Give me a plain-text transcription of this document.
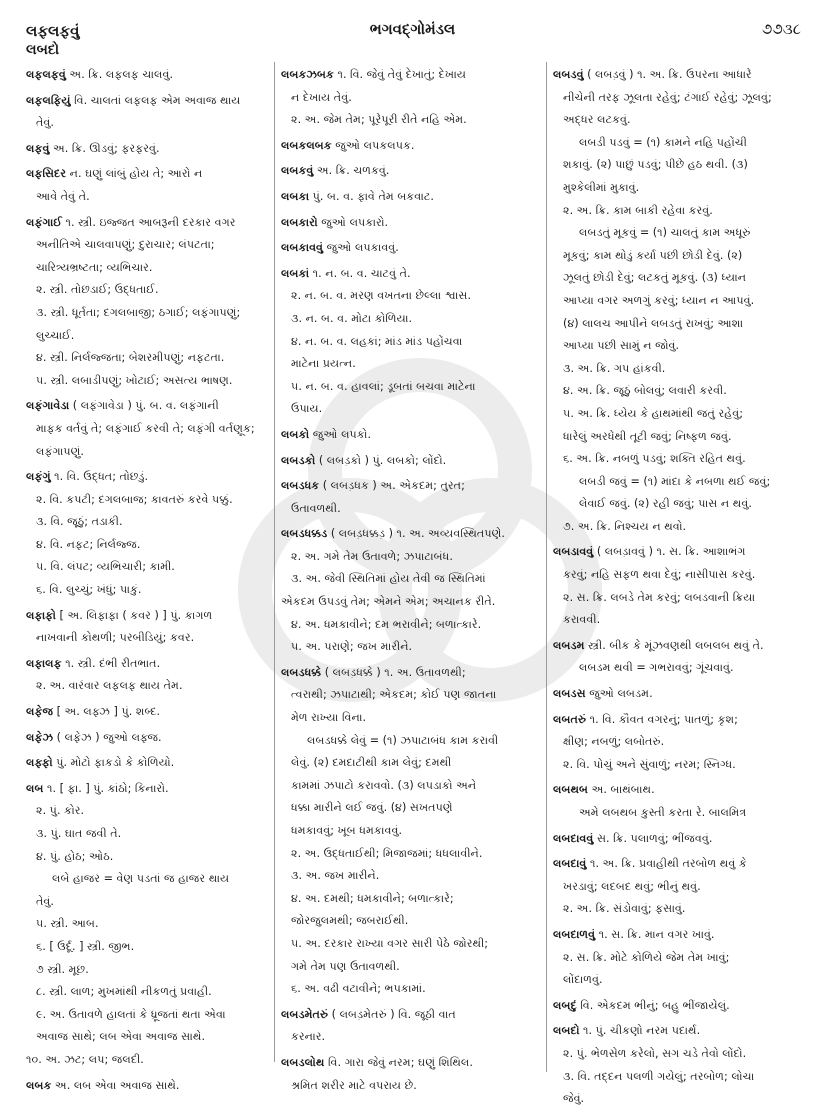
લફલફવું
લબદો
ભગવદ્ગોમંડલ	૭૭૩૮
લફલફવું અ. ક્રિ. લફલફ ચાલવું.
લફલફિયું વિ. ચાલતાં લફલફ એમ અવાજ થાય
તેવું.
લફવું અ. ક્રિ. ઊડવું; ફરફરવું.
લફસિદર ન. ઘણું લાંબું હોય તે; આરો ન
આવે તેવું તે.
લફંગાઈ ૧. સ્ત્રી. ઇજ્જત આબરૂની દરકાર વગર
અનીતિએ ચાલવાપણું; દુરાચાર; લંપટતા;
ચારિત્ર્યભ્રષ્ટતા; વ્યભિચાર.
૨. સ્ત્રી. તોછડાઈ; ઉદ્ધતાઈ.
૩. સ્ત્રી. ધૂર્તતા; દગલબાજી; ઠગાઈ; લફંગાપણું;
લુચ્ચાઈ.
૪. સ્ત્રી. નિર્લજ્જતા; બેશરમીપણું; નફટતા.
૫. સ્ત્રી. લબાડીપણું; ખોટાઈ; અસત્ય ભાષણ.
લફંગાવેડા ( લફંગાવેડા ) પું. બ. વ. લફંગાની
માફક વર્તવું તે; લફંગાઈ કરવી તે; લફંગી વર્તણૂક;
લફંગાપણું.
લફંગું ૧. વિ. ઉદ્ધત; તોછડું.
૨. વિ. કપટી; દગલબાજ; કાવતરું કરવે પક્કું.
૩. વિ. જૂઠું; તડાકી.
૪. વિ. નફટ; નિર્લજ્જ.
૫. વિ. લંપટ; વ્યભિચારી; કામી.
૬. વિ. લુચ્ચું; ખંધું; પાકું.
લફાફો [ અ. લિફાફા ( કવર ) ] પું. કાગળ
નાખવાની કોથળી; પરબીડિયું; કવર.
લફાલફ ૧. સ્ત્રી. દંભી રીતભાત.
૨. અ. વારંવાર લફલફ થાય તેમ.
લફેજ [ અ. લફ્ઝ ] પું. શબ્દ.
લફેઝ ( લફેઝ ) જુઓ લફ્જ.
લફ્ફો પું. મોટો ફાકડો કે કોળિયો.
લબ ૧. [ ફા. ] પું. કાંઠો; કિનારો.
૨. પું. કોર.
૩. પું. ઘાત જવી તે.
૪. પું. હોઠ; ઓઠ.
લબે હાજર = વેણ પડતાં જ હાજર થાય
તેવું.
૫. સ્ત્રી. આબ.
૬. [ ઉર્દૂ. ] સ્ત્રી. જીભ.
૭ સ્ત્રી. મૂછ.
૮. સ્ત્રી. લાળ; મુખમાંથી નીકળતું પ્રવાહી.
૯. અ. ઉતાવળે હાલતાં કે ધ્રૂજતાં થતા એવા
અવાજ સાથે; લબ એવા અવાજ સાથે.
૧૦. અ. ઝટ; લપ; જલદી.
લબક અ. લબ એવા અવાજ સાથે.
લબકઝબક ૧. વિ. જેવું તેવું દેખાતું; દેખાય
ન દેખાય તેવું.
૨. અ. જેમ તેમ; પૂરેપૂરી રીતે નહિ એમ.
લબકલબક જુઓ લપકલપક.
લબકવું અ. ક્રિ. ચળકવું.
લબકા પું. બ. વ. ફાવે તેમ બકવાટ.
લબકારો જુઓ લપકારો.
લબકાવવું જુઓ લપકાવવું.
લબકાં ૧. ન. બ. વ. ચાટવું તે.
૨. ન. બ. વ. મરણ વખતના છેલ્લા શ્વાસ.
૩. ન. બ. વ. મોટા કોળિયા.
૪. ન. બ. વ. લહકાં; માંડ માંડ પહોંચવા
માટેના પ્રયત્ન.
૫. ન. બ. વ. હાવલાં; ડૂબતાં બચવા માટેના
ઉપાય.
લબકો જુઓ લપકો.
લબડકો ( લબડ઼કો ) પું. લબકો; લોંદો.
લબડધક ( લબડ઼ધક ) અ. એકદમ; તુરત;
ઉતાવળથી.
લબડધક્કડ ( લબડ઼ધક્કડ઼ ) ૧. અ. અવ્યવસ્થિતપણે.
૨. અ. ગમે તેમ ઉતાવળે; ઝપાટાબંધ.
૩. અ. જેવી સ્થિતિમાં હોય તેવી જ સ્થિતિમાં
એકદમ ઉપડવું તેમ; એમને એમ; અચાનક રીતે.
૪. અ. ધમકાવીને; દમ ભરાવીને; બળાત્કારે.
૫. અ. પરાણે; જખ મારીને.
લબડધક્કે ( લબડ઼ધક્કે ) ૧. અ. ઉતાવળથી;
ત્વરાથી; ઝપાટાથી; એકદમ; કોઈ પણ જાતના
મેળ રાખ્યા વિના.
લબડધક્કે લેવું = (૧) ઝપાટાબંધ કામ કરાવી
લેવું. (૨) દમદાટીથી કામ લેવું; દમથી
કામમાં ઝપાટો કરાવવો. (૩) લપડાકો અને
ધક્કા મારીને લઈ જવું. (૪) સખતપણે
ધમકાવવું; ખૂબ ધમકાવવું.
૨. અ. ઉદ્ધતાઈથી; મિજાજમાં; ધધલાવીને.
૩. અ. જખ મારીને.
૪. અ. દમથી; ધમકાવીને; બળાત્કારે;
જોરજુલમથી; જબરાઈથી.
૫. અ. દરકાર રાખ્યા વગર સારી પેઠે જોરથી;
ગમે તેમ પણ ઉતાવળથી.
૬. અ. વઢી વટાવીને; ભપકામાં.
લબડમેતરું ( લબડ઼મેતરું ) વિ. જૂઠી વાત
કરનાર.
લબડલોથ વિ. ગારા જેવું નરમ; ઘણું શિથિલ.
શ્રમિત શરીર માટે વપરાય છે.
લબડવું ( લબડ઼વું ) ૧. અ. ક્રિ. ઉપરના આધારે
નીચેની તરફ ઝૂલતા રહેવું; ટંગાઈ રહેવું; ઝૂલવું;
અદ્ધર લટકવું.
લબડી પડવું = (૧) કામને નહિ પહોંચી
શકાવું. (૨) પાછું પડવું; પીછે હઠ થવી. (૩)
મુશ્કેલીમાં મુકાવું.
૨. અ. ક્રિ. કામ બાકી રહેવા કરવું.
લબડતું મૂકવું = (૧) ચાલતું કામ અધૂરું
મૂકવું; કામ થોડું કર્યા પછી છોડી દેવું. (૨)
ઝૂલતું છોડી દેવું; લટકતું મૂકવું. (૩) ધ્યાન
આપ્યા વગર અળગું કરવું; ધ્યાન ન આપવું.
(૪) લાલચ આપીને લબડતું રાખવું; આશા
આપ્યા પછી સામું ન જોવું.
૩. અ. ક્રિ. ગપ હાંકવી.
૪. અ. ક્રિ. જૂઠું બોલવું; લવારી કરવી.
૫. અ. ક્રિ. ધ્યેય કે હાથમાંથી જતું રહેવું;
ધારેલું અરધેથી તૂટી જવું; નિષ્ફળ જવું.
૬. અ. ક્રિ. નબળું પડવું; શક્તિ રહિત થવું.
લબડી જવું = (૧) માંદા કે નબળા થઈ જવું;
લેવાઈ જવું. (૨) રહી જવું; પાસ ન થવું.
૭. અ. ક્રિ. નિશ્ચય ન થવો.
લબડાવવું ( લબડ઼ાવવું ) ૧. સ. ક્રિ. આશાભંગ
કરવું; નહિ સફળ થવા દેવું; નાસીપાસ કરવું.
૨. સ. ક્રિ. લબડે તેમ કરવું; લબડવાની ક્રિયા
કરાવવી.
લબડમ સ્ત્રી. બીક કે મૂંઝવણથી લબલબ થવું તે.
લબડમ થવી = ગભરાવવું; ગૂંચવાવું.
લબડસ જુઓ લબડમ.
લબતરું ૧. વિ. કૌવત વગરનું; પાતળું; કૃશ;
ક્ષીણ; નબળું; લબોતરું.
૨. વિ. પોચું અને સુંવાળું; નરમ; સ્નિગ્ધ.
લબથબ અ. બાથંબાથ.
અમે લબથબ કુસ્તી કરતા રે. બાલમિત્ર
લબદાવવું સ. ક્રિ. પલાળવું; ભીંજવવું.
લબદાવું ૧. અ. ક્રિ. પ્રવાહીથી તરબોળ થવું કે
ખરડાવું; લદબદ થવું; ભીનું થવું.
૨. અ. ક્રિ. સંડોવાવું; ફસાવું.
લબદાળવું ૧. સ. ક્રિ. માન વગર ખાવું.
૨. સ. ક્રિ. મોટે કોળિયે જેમ તેમ ખાવું;
લોંદાળવું.
લબદું વિ. એકદમ ભીનું; બહુ ભીંજાયેલું.
લબદો ૧. પું. ચીકણો નરમ પદાર્થ.
૨. પું. ભેળસેળ કરેલો, સગ ચડે તેવો લોંદો.
૩. વિ. તદ્દન પલળી ગયેલું; તરબોળ; લોચા
જેવું.
